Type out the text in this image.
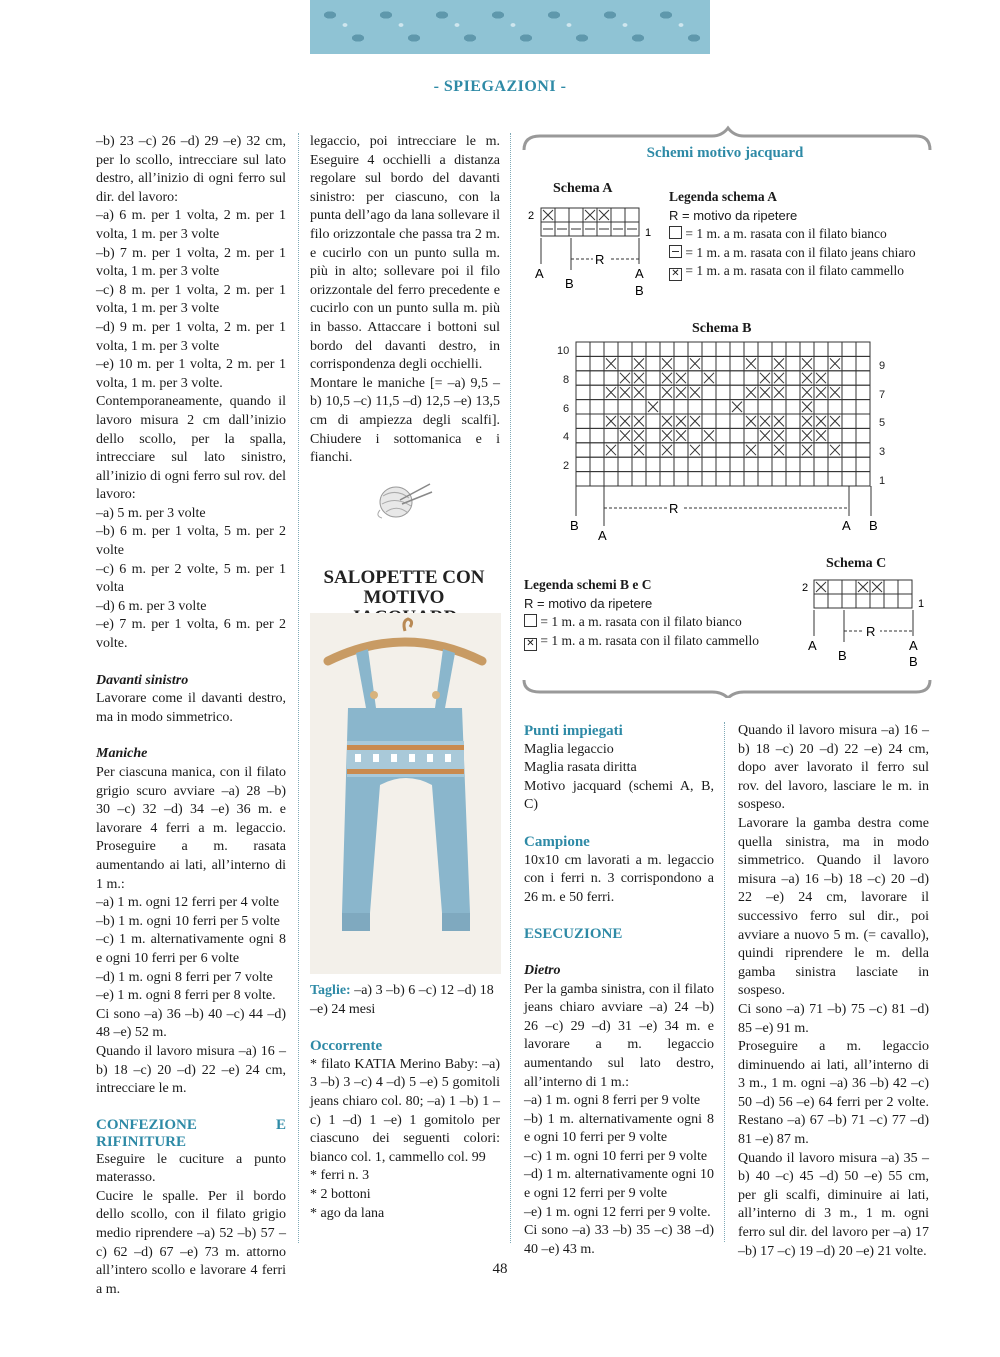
- SPIEGAZIONI -

–b) 23 –c) 26 –d) 29 –e) 32 cm, per lo scollo, intrecciare sul lato destro, all’inizio di ogni ferro sul dir. del lavoro:

–a) 6 m. per 1 volta, 2 m. per 1 volta, 1 m. per 3 volte

–b) 7 m. per 1 volta, 2 m. per 1 volta, 1 m. per 3 volte

–c) 8 m. per 1 volta, 2 m. per 1 volta, 1 m. per 3 volte

–d) 9 m. per 1 volta, 2 m. per 1 volta, 1 m. per 3 volte

–e) 10 m. per 1 volta, 2 m. per 1 volta, 1 m. per 3 volte.

Contemporaneamente, quando il lavoro misura 2 cm dall’inizio dello scollo, per la spalla, intrecciare sul lato sinistro, all’inizio di ogni ferro sul rov. del lavoro:

–a) 5 m. per 3 volte

–b) 6 m. per 1 volta, 5 m. per 2 volte

–c) 6 m. per 2 volte, 5 m. per 1 volta

–d) 6 m. per 3 volte

–e) 7 m. per 1 volta, 6 m. per 2 volte.

Davanti sinistro

Lavorare come il davanti destro, ma in modo simmetrico.

Maniche

Per ciascuna manica, con il filato grigio scuro avviare –a) 28 –b) 30 –c) 32 –d) 34 –e) 36 m. e lavorare 4 ferri a m. legaccio. Proseguire a m. rasata aumentando ai lati, all’interno di 1 m.:

–a) 1 m. ogni 12 ferri per 4 volte

–b) 1 m. ogni 10 ferri per 5 volte

–c) 1 m. alternativamente ogni 8 e ogni 10 ferri per 6 volte

–d) 1 m. ogni 8 ferri per 7 volte

–e) 1 m. ogni 8 ferri per 8 volte.

Ci sono –a) 36 –b) 40 –c) 44 –d) 48 –e) 52 m.

Quando il lavoro misura –a) 16 –b) 18 –c) 20 –d) 22 –e) 24 cm, intrecciare le m.

CONFEZIONE E RIFINITURE

Eseguire le cuciture a punto materasso.

Cucire le spalle. Per il bordo dello scollo, con il filato grigio medio riprendere –a) 52 –b) 57 –c) 62 –d) 67 –e) 73 m. attorno all’intero scollo e lavorare 4 ferri a m.

legaccio, poi intrecciare le m. Eseguire 4 occhielli a distanza regolare sul bordo del davanti sinistro: per ciascuno, con la punta dell’ago da lana sollevare il filo orizzontale che passa tra 2 m. e cucirlo con un punto sulla m. più in alto; sollevare poi il filo orizzontale del ferro precedente e cucirlo con un punto sulla m. più in basso. Attaccare i bottoni sul bordo del davanti destro, in corrispondenza degli occhielli.

Montare le maniche [= –a) 9,5 –b) 10,5 –c) 11,5 –d) 12,5 –e) 13,5 cm di ampiezza degli scalfi]. Chiudere i sottomanica e i fianchi.

SALOPETTE CON MOTIVO

Taglie: –a) 3 –b) 6 –c) 12 –d) 18 –e) 24 mesi

Occorrente

* filato KATIA Merino Baby: –a) 3 –b) 3 –c) 4 –d) 5 –e) 5 gomitoli jeans chiaro col. 80; –a) 1 –b) 1 –c) 1 –d) 1 –e) 1 gomitolo per ciascuno dei seguenti colori: bianco col. 1, cammello col. 99

* ferri n. 3

* 2 bottoni

* ago da lana

Schemi motivo jacquard
Schema A
2
1
R
A
B
A
B

Legenda schema A

R = motivo da ripetere

= 1 m. a m. rasata con il filato bianco

= 1 m. a m. rasata con il filato jeans chiaro

✕ = 1 m. a m. rasata con il filato cammello

Schema B
10
8
6
4
2
9
7
5
3
1
R
B
A
A B
Schema C

Legenda schemi B e C

R = motivo da ripetere

= 1 m. a m. rasata con il filato bianco

✕ = 1 m. a m. rasata con il filato cammello

2
1
R
A
B
A
B

Punti impiegati

Maglia legaccio

Maglia rasata diritta

Motivo jacquard (schemi A, B, C)

Campione

10x10 cm lavorati a m. legaccio con i ferri n. 3 corrispondono a 26 m. e 50 ferri.

ESECUZIONE

Dietro

Per la gamba sinistra, con il filato jeans chiaro avviare –a) 24 –b) 26 –c) 29 –d) 31 –e) 34 m. e lavorare a m. legaccio aumentando sul lato destro, all’interno di 1 m.:

–a) 1 m. ogni 8 ferri per 9 volte

–b) 1 m. alternativamente ogni 8 e ogni 10 ferri per 9 volte

–c) 1 m. ogni 10 ferri per 9 volte

–d) 1 m. alternativamente ogni 10 e ogni 12 ferri per 9 volte

–e) 1 m. ogni 12 ferri per 9 volte.

Ci sono –a) 33 –b) 35 –c) 38 –d) 40 –e) 43 m.

Quando il lavoro misura –a) 16 –b) 18 –c) 20 –d) 22 –e) 24 cm, dopo aver lavorato il ferro sul rov. del lavoro, lasciare le m. in sospeso.

Lavorare la gamba destra come quella sinistra, ma in modo simmetrico. Quando il lavoro misura –a) 16 –b) 18 –c) 20 –d) 22 –e) 24 cm, lavorare il successivo ferro sul dir., poi avviare a nuovo 5 m. (= cavallo), quindi riprendere le m. della gamba sinistra lasciate in sospeso.

Ci sono –a) 71 –b) 75 –c) 81 –d) 85 –e) 91 m.

Proseguire a m. legaccio diminuendo ai lati, all’interno di 3 m., 1 m. ogni –a) 36 –b) 42 –c) 50 –d) 56 –e) 64 ferri per 2 volte. Restano –a) 67 –b) 71 –c) 77 –d) 81 –e) 87 m.

Quando il lavoro misura –a) 35 –b) 40 –c) 45 –d) 50 –e) 55 cm, per gli scalfi, diminuire ai lati, all’interno di 3 m., 1 m. ogni ferro sul dir. del lavoro per –a) 17 –b) 17 –c) 19 –d) 20 –e) 21 volte.

48
